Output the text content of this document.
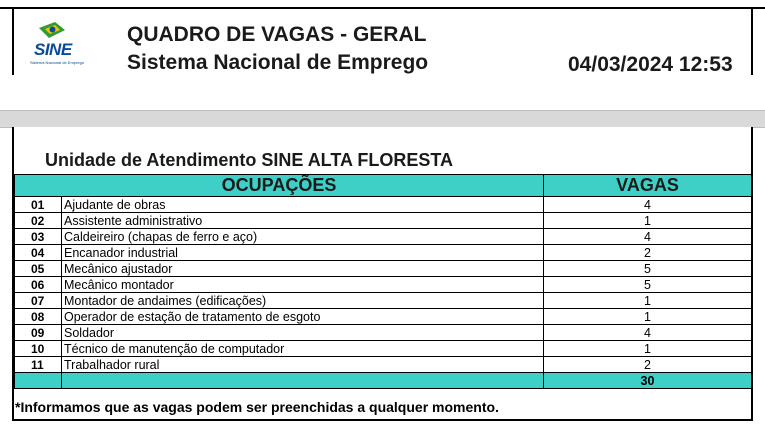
SINE
Sistema Nacional de Emprego
QUADRO DE VAGAS - GERAL
Sistema Nacional de Emprego	04/03/2024 12:53
Unidade de Atendimento SINE ALTA FLORESTA
OCUPAÇÕES		VAGAS
01	Ajudante de obras	4
02	Assistente administrativo	1
03	Caldeireiro (chapas de ferro e aço)	4
04	Encanador industrial	2
05	Mecânico ajustador	5
06	Mecânico montador	5
07	Montador de andaimes (edificações)	1
08	Operador de estação de tratamento de esgoto	1
09	Soldador	4
10	Técnico de manutenção de computador	1
11	Trabalhador rural	2
		30
*Informamos que as vagas podem ser preenchidas a qualquer momento.
